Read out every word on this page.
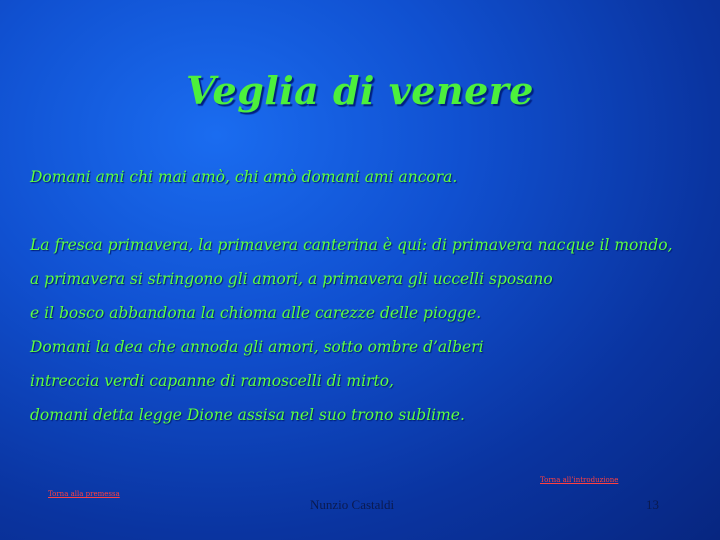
Veglia di venere
Domani ami chi mai amò, chi amò domani ami ancora.
La fresca primavera, la primavera canterina è qui: di primavera nacque il mondo,
a primavera si stringono gli amori, a primavera gli uccelli sposano
e il bosco abbandona la chioma alle carezze delle piogge.
Domani la dea che annoda gli amori, sotto ombre d’alberi
intreccia verdi capanne di ramoscelli di mirto,
domani detta legge Dione assisa nel suo trono sublime.
Torna alla premessa
Torna all’introduzione
Nunzio Castaldi	13
